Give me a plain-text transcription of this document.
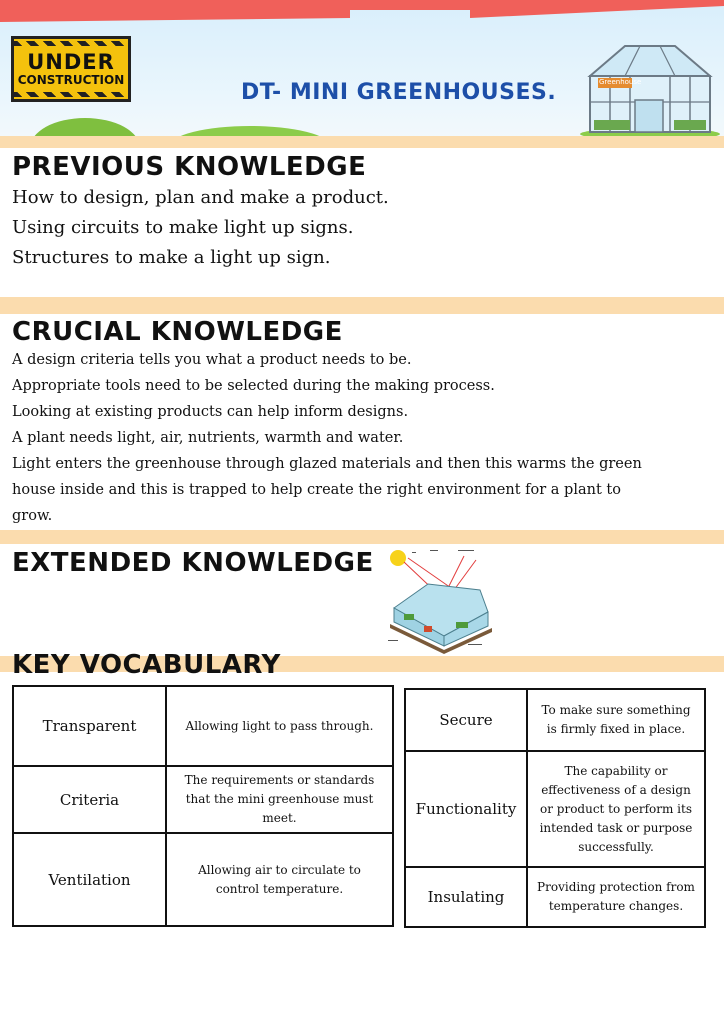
UNDER
CONSTRUCTION	DT- MINI GREENHOUSES.	Greenhouse
PREVIOUS KNOWLEDGE
How to design, plan and make a product.
Using circuits to make light up signs.
Structures to make a light up sign.
CRUCIAL KNOWLEDGE
A design criteria tells you what a product needs to be.
Appropriate tools need to be selected during the making process.
Looking at existing products can help inform designs.
A plant needs light, air, nutrients, warmth and water.
Light enters the greenhouse through glazed materials and then this warms the green
house inside and this is trapped to help create the right environment for a plant to
grow.
EXTENDED KNOWLEDGE
KEY VOCABULARY
Transparent	Allowing light to pass through.
Criteria	The requirements or standards that the mini greenhouse must meet.
Ventilation	Allowing air to circulate to control temperature.
Secure	To make sure something is firmly fixed in place.
Functionality	The capability or effectiveness of a design or product to perform its intended task or purpose successfully.
Insulating	Providing protection from temperature changes.
